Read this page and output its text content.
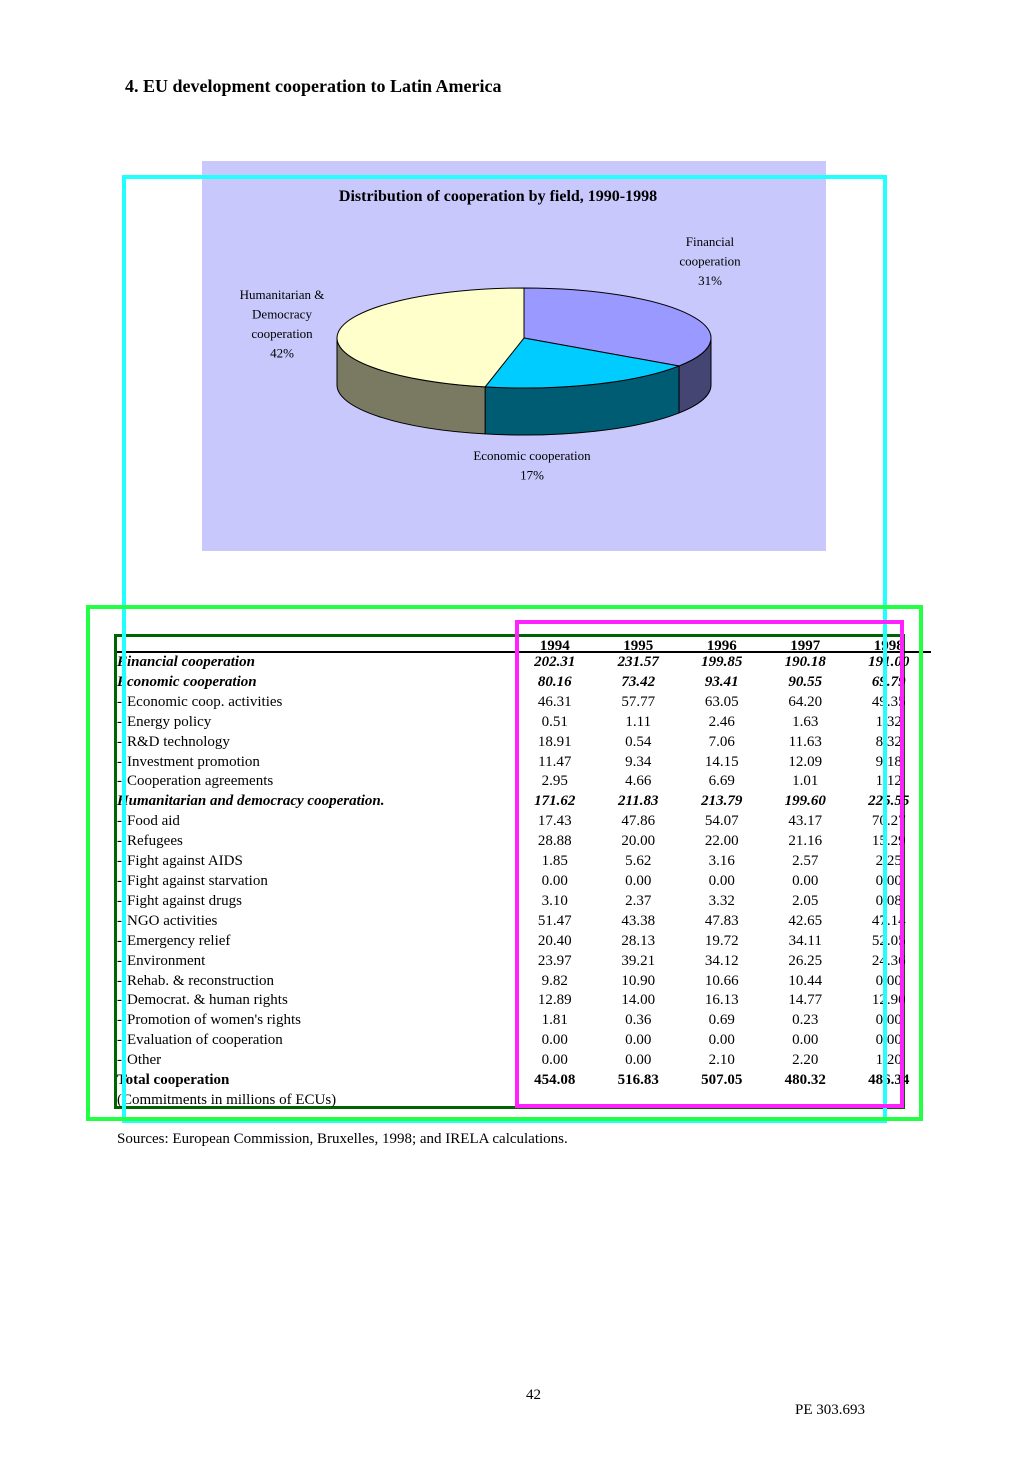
4. EU development cooperation to Latin America
Distribution of cooperation by field, 1990-1998
Financial cooperation 31%
Economic cooperation 17%
Humanitarian & Democracy cooperation 42%
	1994	1995	1996	1997	1998
Financial cooperation	202.31	231.57	199.85	190.18	191.00
Economic cooperation	80.16	73.42	93.41	90.55	69.79
- Economic coop. activities	46.31	57.77	63.05	64.20	49.35
- Energy policy	0.51	1.11	2.46	1.63	1.32
- R&D technology	18.91	0.54	7.06	11.63	8.32
- Investment promotion	11.47	9.34	14.15	12.09	9.18
- Cooperation agreements	2.95	4.66	6.69	1.01	1.12
Humanitarian and democracy cooperation.	171.62	211.83	213.79	199.60	225.55
- Food aid	17.43	47.86	54.07	43.17	70.27
- Refugees	28.88	20.00	22.00	21.16	15.29
- Fight against AIDS	1.85	5.62	3.16	2.57	2.25
- Fight against starvation	0.00	0.00	0.00	0.00	0.00
- Fight against drugs	3.10	2.37	3.32	2.05	0.08
- NGO activities	51.47	43.38	47.83	42.65	47.14
- Emergency relief	20.40	28.13	19.72	34.11	52.05
- Environment	23.97	39.21	34.12	26.25	24.36
- Rehab. & reconstruction	9.82	10.90	10.66	10.44	0.00
- Democrat. & human rights	12.89	14.00	16.13	14.77	12.90
- Promotion of women's rights	1.81	0.36	0.69	0.23	0.00
- Evaluation of cooperation	0.00	0.00	0.00	0.00	0.00
- Other	0.00	0.00	2.10	2.20	1.20
Total cooperation	454.08	516.83	507.05	480.32	486.34
(Commitments in millions of ECUs)					
Sources: European Commission, Bruxelles, 1998; and IRELA calculations.
42
PE 303.693
